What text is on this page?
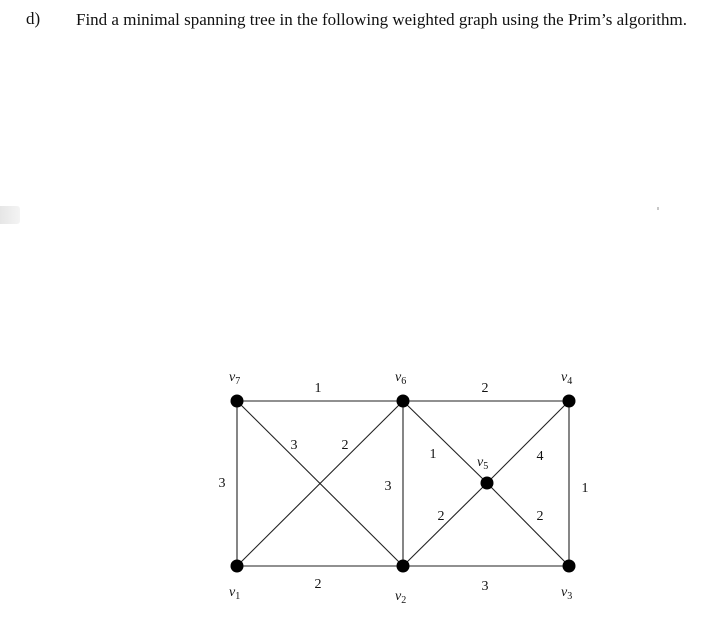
d) Find a minimal spanning tree in the following weighted graph using the Prim’s algorithm.
1	2
3
2	3
1
3
3	2
1
2
2
4
$v_1$	$v_2$
$v_3$
$v_4$
$v_5$
$v_6$
$v_7$
